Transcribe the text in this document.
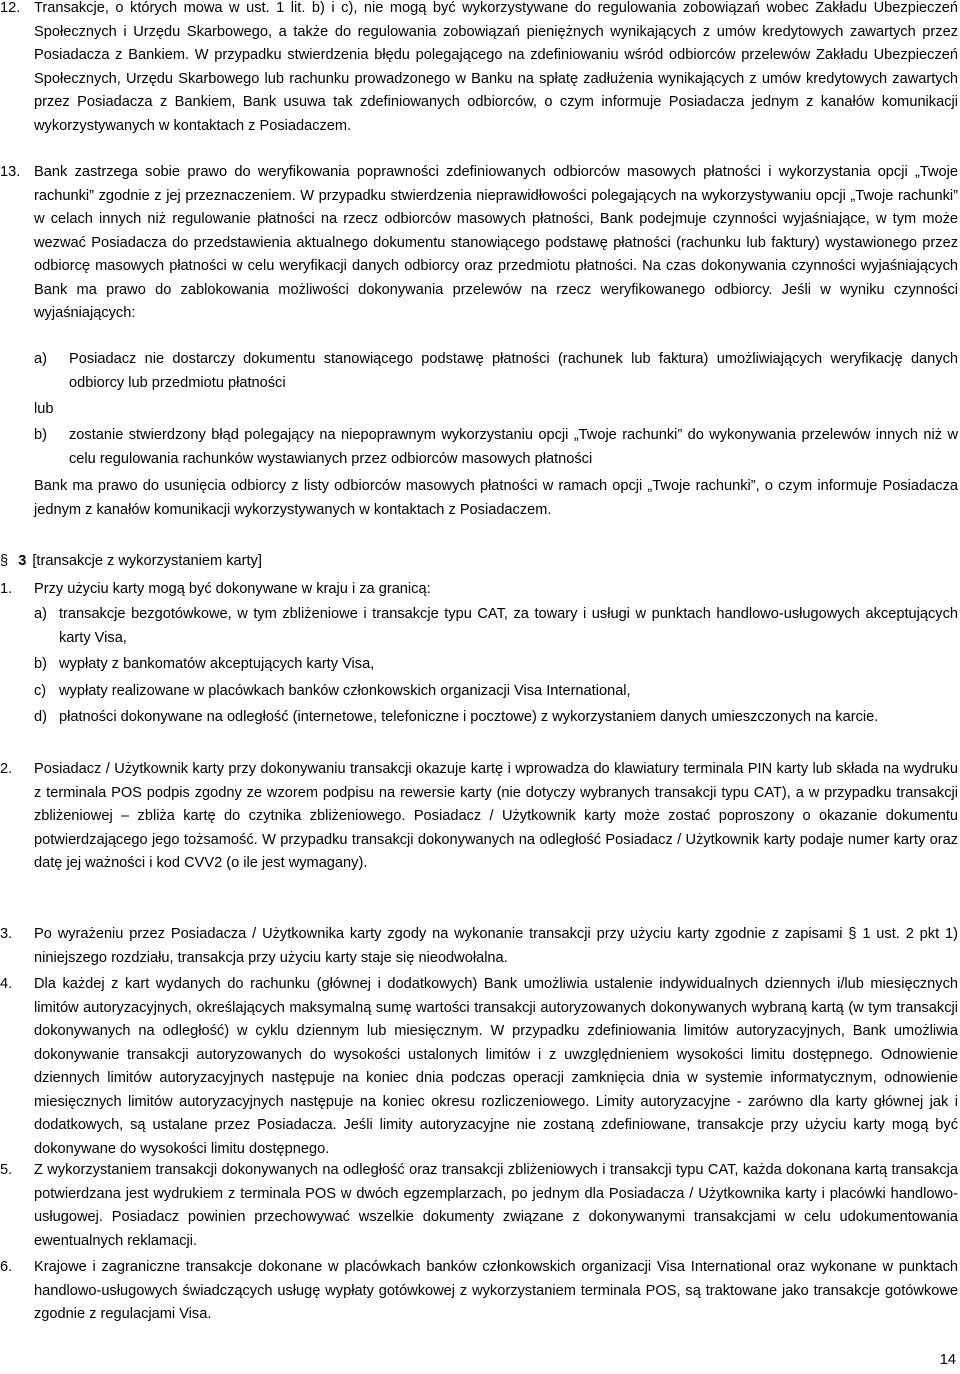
12. Transakcje, o których mowa w ust. 1 lit. b) i c), nie mogą być wykorzystywane do regulowania zobowiązań wobec Zakładu Ubezpieczeń Społecznych i Urzędu Skarbowego, a także do regulowania zobowiązań pieniężnych wynikających z umów kredytowych zawartych przez Posiadacza z Bankiem. W przypadku stwierdzenia błędu polegającego na zdefiniowaniu wśród odbiorców przelewów Zakładu Ubezpieczeń Społecznych, Urzędu Skarbowego lub rachunku prowadzonego w Banku na spłatę zadłużenia wynikających z umów kredytowych zawartych przez Posiadacza z Bankiem, Bank usuwa tak zdefiniowanych odbiorców, o czym informuje Posiadacza jednym z kanałów komunikacji wykorzystywanych w kontaktach z Posiadaczem.
13. Bank zastrzega sobie prawo do weryfikowania poprawności zdefiniowanych odbiorców masowych płatności i wykorzystania opcji „Twoje rachunki” zgodnie z jej przeznaczeniem. W przypadku stwierdzenia nieprawidłowości polegających na wykorzystywaniu opcji „Twoje rachunki” w celach innych niż regulowanie płatności na rzecz odbiorców masowych płatności, Bank podejmuje czynności wyjaśniające, w tym może wezwać Posiadacza do przedstawienia aktualnego dokumentu stanowiącego podstawę płatności (rachunku lub faktury) wystawionego przez odbiorcę masowych płatności w celu weryfikacji danych odbiorcy oraz przedmiotu płatności. Na czas dokonywania czynności wyjaśniających Bank ma prawo do zablokowania możliwości dokonywania przelewów na rzecz weryfikowanego odbiorcy. Jeśli w wyniku czynności wyjaśniających:
a)	Posiadacz nie dostarczy dokumentu stanowiącego podstawę płatności (rachunek lub faktura) umożliwiających weryfikację danych odbiorcy lub przedmiotu płatności
lub
b)	zostanie stwierdzony błąd polegający na niepoprawnym wykorzystaniu opcji „Twoje rachunki” do wykonywania przelewów innych niż w celu regulowania rachunków wystawianych przez odbiorców masowych płatności
Bank ma prawo do usunięcia odbiorcy z listy odbiorców masowych płatności w ramach opcji „Twoje rachunki”, o czym informuje Posiadacza jednym z kanałów komunikacji wykorzystywanych w kontaktach z Posiadaczem.
§ 3 [transakcje z wykorzystaniem karty]
1.	Przy użyciu karty mogą być dokonywane w kraju i za granicą:
a) transakcje bezgotówkowe, w tym zbliżeniowe i transakcje typu CAT, za towary i usługi w punktach handlowo-usługowych akceptujących karty Visa,
b) wypłaty z bankomatów akceptujących karty Visa,
c) wypłaty realizowane w placówkach banków członkowskich organizacji Visa International,
d) płatności dokonywane na odległość (internetowe, telefoniczne i pocztowe) z wykorzystaniem danych umieszczonych na karcie.
2.	Posiadacz / Użytkownik karty przy dokonywaniu transakcji okazuje kartę i wprowadza do klawiatury terminala PIN karty lub składa na wydruku z terminala POS podpis zgodny ze wzorem podpisu na rewersie karty (nie dotyczy wybranych transakcji typu CAT), a w przypadku transakcji zbliżeniowej – zbliża kartę do czytnika zbliżeniowego. Posiadacz / Użytkownik karty może zostać poproszony o okazanie dokumentu potwierdzającego jego tożsamość. W przypadku transakcji dokonywanych na odległość Posiadacz / Użytkownik karty podaje numer karty oraz datę jej ważności i kod CVV2 (o ile jest wymagany).
3.	Po wyrażeniu przez Posiadacza / Użytkownika karty zgody na wykonanie transakcji przy użyciu karty zgodnie z zapisami § 1 ust. 2 pkt 1) niniejszego rozdziału, transakcja przy użyciu karty staje się nieodwołalna.
4.	Dla każdej z kart wydanych do rachunku (głównej i dodatkowych) Bank umożliwia ustalenie indywidualnych dziennych i/lub miesięcznych limitów autoryzacyjnych, określających maksymalną sumę wartości transakcji autoryzowanych dokonywanych wybraną kartą (w tym transakcji dokonywanych na odległość) w cyklu dziennym lub miesięcznym. W przypadku zdefiniowania limitów autoryzacyjnych, Bank umożliwia dokonywanie transakcji autoryzowanych do wysokości ustalonych limitów i z uwzględnieniem wysokości limitu dostępnego. Odnowienie dziennych limitów autoryzacyjnych następuje na koniec dnia podczas operacji zamknięcia dnia w systemie informatycznym, odnowienie miesięcznych limitów autoryzacyjnych następuje na koniec okresu rozliczeniowego. Limity autoryzacyjne - zarówno dla karty głównej jak i dodatkowych, są ustalane przez Posiadacza. Jeśli limity autoryzacyjne nie zostaną zdefiniowane, transakcje przy użyciu karty mogą być dokonywane do wysokości limitu dostępnego.
5.	Z wykorzystaniem transakcji dokonywanych na odległość oraz transakcji zbliżeniowych i transakcji typu CAT, każda dokonana kartą transakcja potwierdzana jest wydrukiem z terminala POS w dwóch egzemplarzach, po jednym dla Posiadacza / Użytkownika karty i placówki handlowo-usługowej. Posiadacz powinien przechowywać wszelkie dokumenty związane z dokonywanymi transakcjami w celu udokumentowania ewentualnych reklamacji.
6.	Krajowe i zagraniczne transakcje dokonane w placówkach banków członkowskich organizacji Visa International oraz wykonane w punktach handlowo-usługowych świadczących usługę wypłaty gotówkowej z wykorzystaniem terminala POS, są traktowane jako transakcje gotówkowe zgodnie z regulacjami Visa.
14
